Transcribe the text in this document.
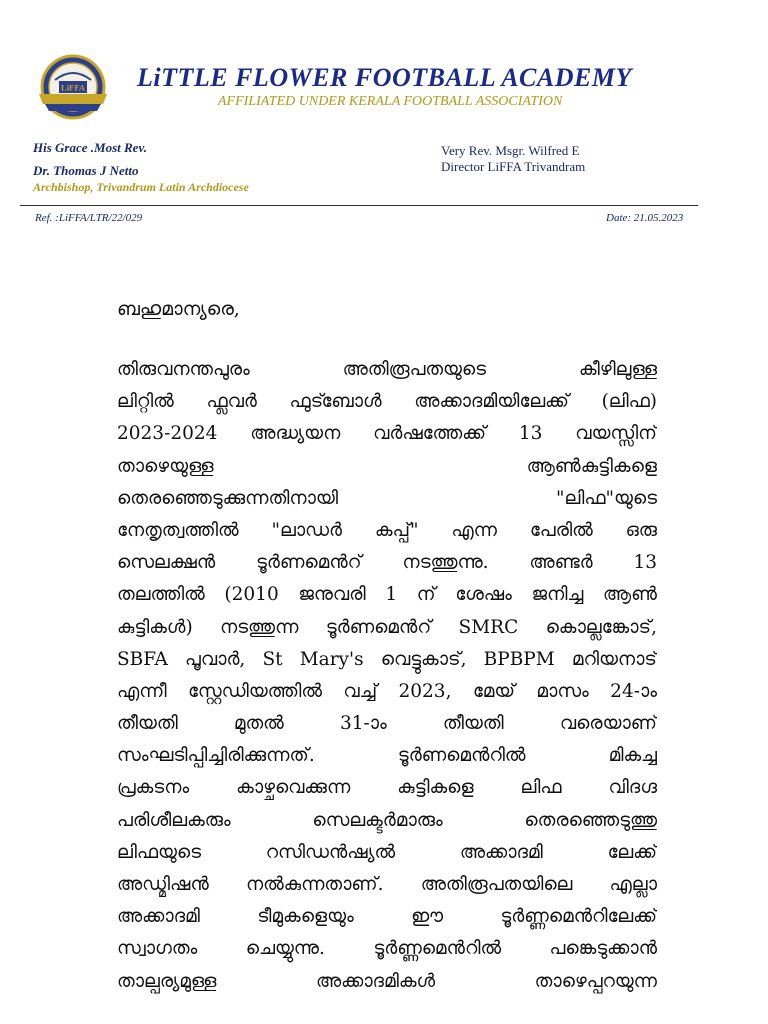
LiFFA LiTTLE FLOWER FOOTBALL ACADEMY
AFFILIATED UNDER KERALA FOOTBALL ASSOCIATION
His Grace .Most Rev.
Dr. Thomas J Netto
Archbishop, Trivandrum Latin Archdiocese
Very Rev. Msgr. Wilfred E
Director LiFFA Trivandram
Ref. :LiFFA/LTR/22/029	Date: 21.05.2023
ബഹുമാന്യരെ,
തിരുവനന്തപുരം അതിരൂപതയുടെ കീഴിലുള്ള
ലിറ്റിൽ ഫ്ലവർ ഫുട്ബോൾ അക്കാദമിയിലേക്ക് (ലിഫ)
2023-2024 അദ്ധ്യയന വർഷത്തേക്ക് 13 വയസ്സിന്
താഴെയുള്ള ആൺകുട്ടികളെ
തെരഞ്ഞെടുക്കുന്നതിനായി "ലിഫ"യുടെ
നേതൃത്വത്തിൽ "ലാഡർ കപ്പ്" എന്ന പേരിൽ ഒരു
സെലക്ഷൻ ടൂർണമെൻറ് നടത്തുന്നു. അണ്ടർ 13
തലത്തിൽ (2010 ജനുവരി 1 ന് ശേഷം ജനിച്ച ആൺ
കുട്ടികൾ) നടത്തുന്ന ടൂർണമെൻറ് SMRC കൊല്ലങ്കോട്,
SBFA പൂവാർ, St Mary's വെട്ടുകാട്, BPBPM മറിയനാട്
എന്നീ സ്റ്റേഡിയത്തിൽ വച്ച് 2023, മേയ് മാസം 24-ാം
തീയതി മുതൽ 31-ാം തീയതി വരെയാണ്
സംഘടിപ്പിച്ചിരിക്കുന്നത്. ടൂർണമെൻറിൽ മികച്ച
പ്രകടനം കാഴ്ചവെക്കുന്ന കുട്ടികളെ ലിഫ വിദഗ്ദ
പരിശീലകരും സെലക്ടർമാരും തെരഞ്ഞെടുത്തു
ലിഫയുടെ റസിഡൻഷ്യൽ അക്കാദമി ലേക്ക്
അഡ്മിഷൻ നൽകുന്നതാണ്. അതിരൂപതയിലെ എല്ലാ
അക്കാദമി ടീമുകളെയും ഈ ടൂർണ്ണമെൻറിലേക്ക്
സ്വാഗതം ചെയ്യുന്നു. ടൂർണ്ണമെൻറിൽ പങ്കെടുക്കാൻ
താല്പര്യമുള്ള അക്കാദമികൾ താഴെപ്പറയുന്ന
